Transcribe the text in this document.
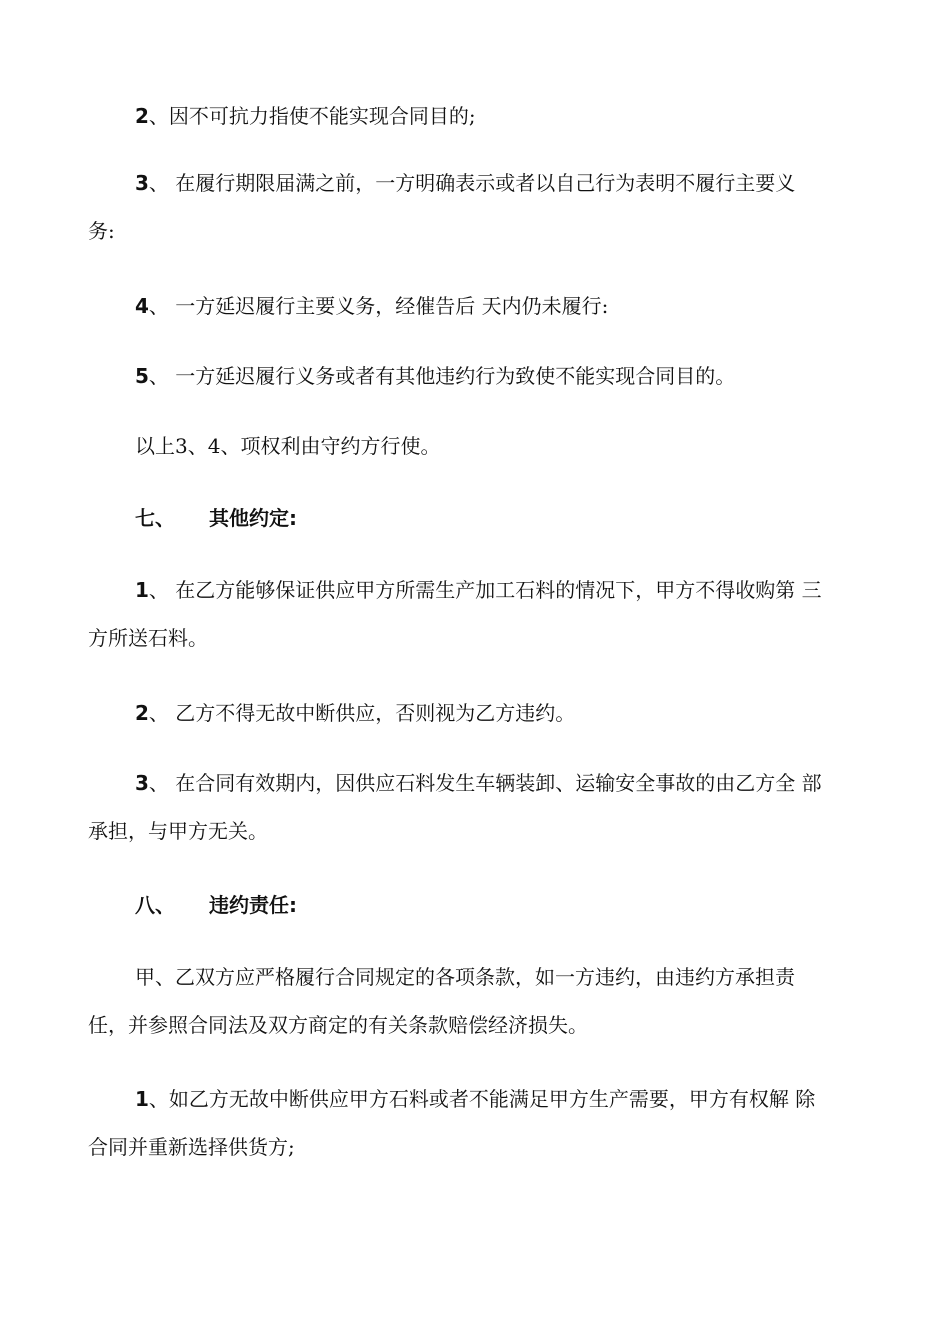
2、因不可抗力指使不能实现合同目的;
3、 在履行期限届满之前，一方明确表示或者以自己行为表明不履行主要义
务:
4、 一方延迟履行主要义务，经催告后 天内仍未履行:
5、 一方延迟履行义务或者有其他违约行为致使不能实现合同目的。
以上3、4、项权利由守约方行使。
七、 其他约定:
1、 在乙方能够保证供应甲方所需生产加工石料的情况下，甲方不得收购第 三
方所送石料。
2、 乙方不得无故中断供应，否则视为乙方违约。
3、 在合同有效期内，因供应石料发生车辆装卸、运输安全事故的由乙方全 部
承担，与甲方无关。
八、 违约责任:
甲、乙双方应严格履行合同规定的各项条款，如一方违约，由违约方承担责
任，并参照合同法及双方商定的有关条款赔偿经济损失。
1、如乙方无故中断供应甲方石料或者不能满足甲方生产需要，甲方有权解 除
合同并重新选择供货方;
